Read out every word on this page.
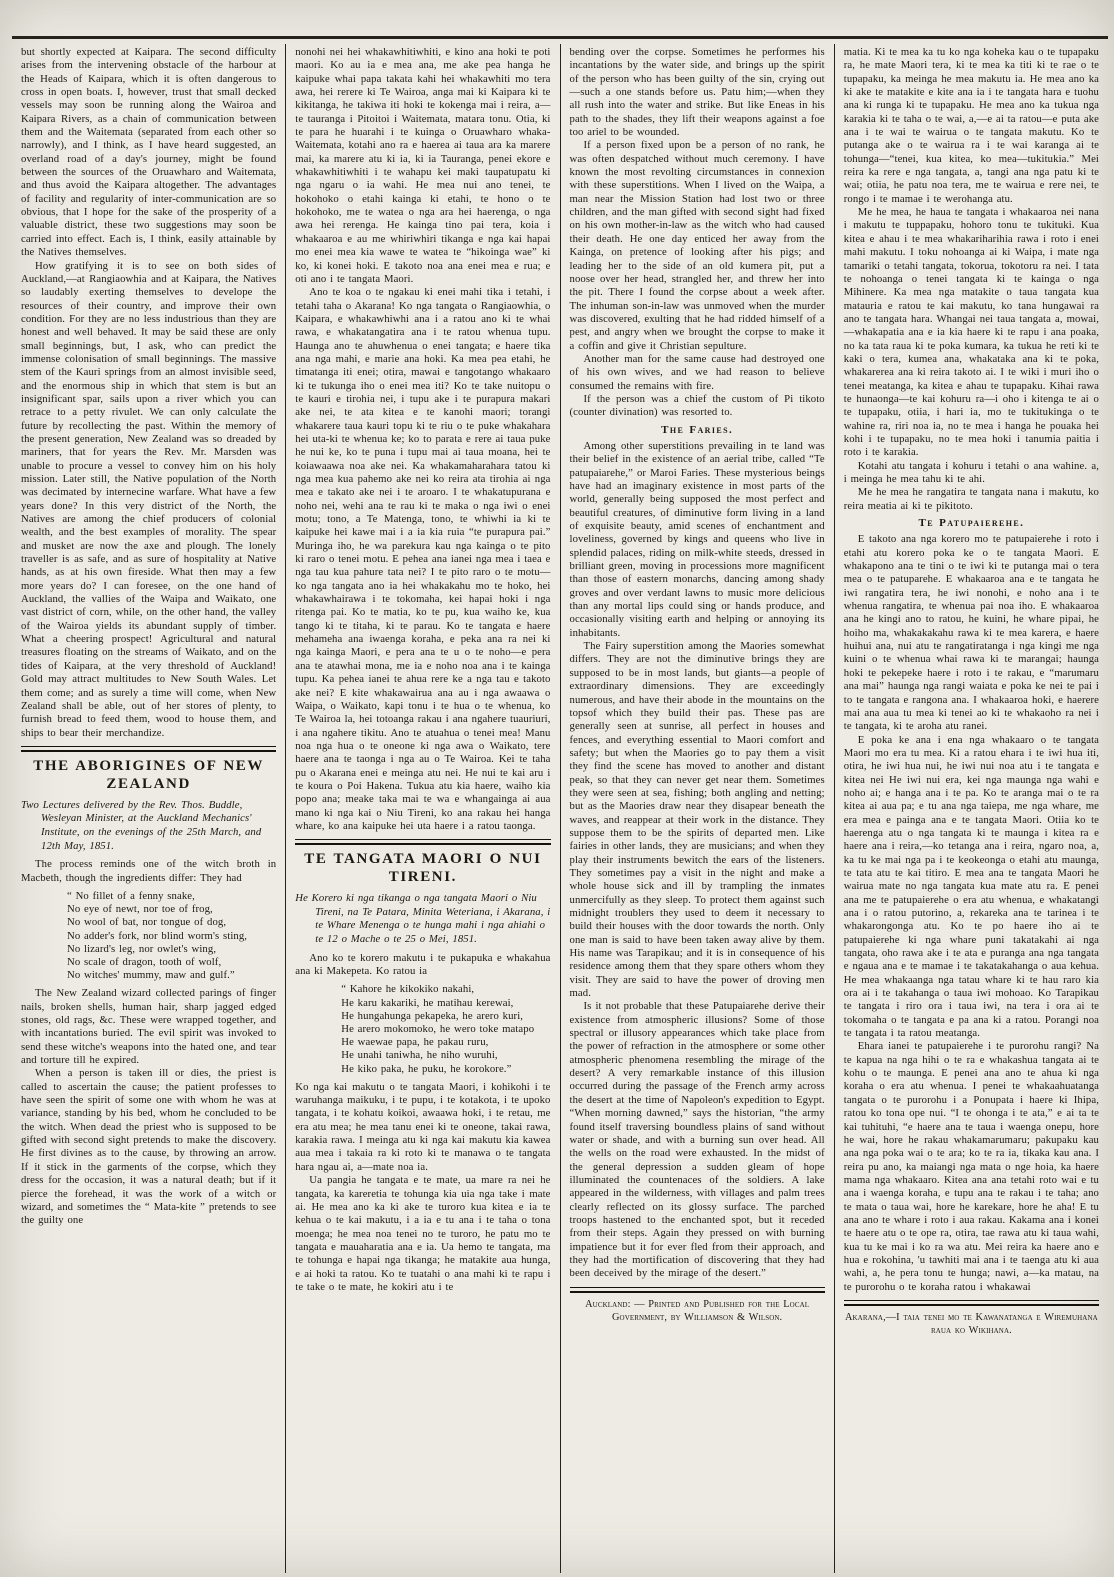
but shortly expected at Kaipara. The second difficulty arises from the intervening obstacle of the harbour at the Heads of Kaipara, which it is often dangerous to cross in open boats. I, however, trust that small decked vessels may soon be running along the Wairoa and Kaipara Rivers, as a chain of communication between them and the Waitemata (separated from each other so narrowly), and I think, as I have heard suggested, an overland road of a day's journey, might be found between the sources of the Oruawharo and Waitemata, and thus avoid the Kaipara altogether. The advantages of facility and regularity of inter-communication are so obvious, that I hope for the sake of the prosperity of a valuable district, these two suggestions may soon be carried into effect. Each is, I think, easily attainable by the Natives themselves.

How gratifying it is to see on both sides of Auckland,—at Rangiaowhia and at Kaipara, the Natives so laudably exerting themselves to develope the resources of their country, and improve their own condition. For they are no less industrious than they are honest and well behaved. It may be said these are only small beginnings, but, I ask, who can predict the immense colonisation of small beginnings. The massive stem of the Kauri springs from an almost invisible seed, and the enormous ship in which that stem is but an insignificant spar, sails upon a river which you can retrace to a petty rivulet. We can only calculate the future by recollecting the past. Within the memory of the present generation, New Zealand was so dreaded by mariners, that for years the Rev. Mr. Marsden was unable to procure a vessel to convey him on his holy mission. Later still, the Native population of the North was decimated by internecine warfare. What have a few years done? In this very district of the North, the Natives are among the chief producers of colonial wealth, and the best examples of morality. The spear and musket are now the axe and plough. The lonely traveller is as safe, and as sure of hospitality at Native hands, as at his own fireside. What then may a few more years do? I can foresee, on the one hand of Auckland, the vallies of the Waipa and Waikato, one vast district of corn, while, on the other hand, the valley of the Wairoa yields its abundant supply of timber. What a cheering prospect! Agricultural and natural treasures floating on the streams of Waikato, and on the tides of Kaipara, at the very threshold of Auckland! Gold may attract multitudes to New South Wales. Let them come; and as surely a time will come, when New Zealand shall be able, out of her stores of plenty, to furnish bread to feed them, wood to house them, and ships to bear their merchandize.

THE ABORIGINES OF NEW ZEALAND

Two Lectures delivered by the Rev. Thos. Buddle, Wesleyan Minister, at the Auckland Mechanics' Institute, on the evenings of the 25th March, and 12th May, 1851.

The process reminds one of the witch broth in Macbeth, though the ingredients differ: They had

“ No fillet of a fenny snake,
No eye of newt, nor toe of frog,
No wool of bat, nor tongue of dog,
No adder's fork, nor blind worm's sting,
No lizard's leg, nor owlet's wing,
No scale of dragon, tooth of wolf,
No witches' mummy, maw and gulf.”

The New Zealand wizard collected parings of finger nails, broken shells, human hair, sharp jagged edged stones, old rags, &c. These were wrapped together, and with incantations buried. The evil spirit was invoked to send these witche's weapons into the hated one, and tear and torture till he expired.

When a person is taken ill or dies, the priest is called to ascertain the cause; the patient professes to have seen the spirit of some one with whom he was at variance, standing by his bed, whom he concluded to be the witch. When dead the priest who is supposed to be gifted with second sight pretends to make the discovery. He first divines as to the cause, by throwing an arrow. If it stick in the garments of the corpse, which they dress for the occasion, it was a natural death; but if it pierce the forehead, it was the work of a witch or wizard, and sometimes the “ Mata-kite ” pretends to see the guilty one

nonohi nei hei whakawhitiwhiti, e kino ana hoki te poti maori. Ko au ia e mea ana, me ake pea hanga he kaipuke whai papa takata kahi hei whakawhiti mo tera awa, hei rerere ki Te Wairoa, anga mai ki Kaipara ki te kikitanga, he takiwa iti hoki te kokenga mai i reira, a—te tauranga i Pitoitoi i Waitemata, matara tonu. Otia, ki te para he huarahi i te kuinga o Oruawharo whaka-Waitemata, kotahi ano ra e haerea ai taua ara ka marere mai, ka marere atu ki ia, ki ia Tauranga, penei ekore e whakawhitiwhiti i te wahapu kei maki taupatupatu ki nga ngaru o ia wahi. He mea nui ano tenei, te hokohoko o etahi kainga ki etahi, te hono o te hokohoko, me te watea o nga ara hei haerenga, o nga awa hei rerenga. He kainga tino pai tera, koia i whakaaroa e au me whiriwhiri tikanga e nga kai hapai mo enei mea kia wawe te watea te “hikoinga wae” ki ko, ki konei hoki. E takoto noa ana enei mea e rua; e oti ano i te tangata Maori.

Ano te koa o te ngakau ki enei mahi tika i tetahi, i tetahi taha o Akarana! Ko nga tangata o Rangiaowhia, o Kaipara, e whakawhiwhi ana i a ratou ano ki te whai rawa, e whakatangatira ana i te ratou whenua tupu. Haunga ano te ahuwhenua o enei tangata; e haere tika ana nga mahi, e marie ana hoki. Ka mea pea etahi, he timatanga iti enei; otira, mawai e tangotango whakaaro ki te tukunga iho o enei mea iti? Ko te take nuitopu o te kauri e tirohia nei, i tupu ake i te purapura makari ake nei, te ata kitea e te kanohi maori; torangi whakarere taua kauri topu ki te riu o te puke whakahara hei uta-ki te whenua ke; ko to parata e rere ai taua puke he nui ke, ko te puna i tupu mai ai taua moana, hei te koiawaawa noa ake nei. Ka whakamaharahara tatou ki nga mea kua pahemo ake nei ko reira ata tirohia ai nga mea e takato ake nei i te aroaro. I te whakatupurana e noho nei, wehi ana te rau ki te maka o nga iwi o enei motu; tono, a Te Matenga, tono, te whiwhi ia ki te kaipuke hei kawe mai i a ia kia ruia “te purapura pai.” Muringa iho, he wa parekura kau nga kainga o te pito ki raro o tenei motu. E pehea ana ianei nga mea i taea e nga tau kua pahure tata nei? I te pito raro o te motu—ko nga tangata ano ia hei whakakahu mo te hoko, hei whakawhairawa i te tokomaha, kei hapai hoki i nga ritenga pai. Ko te matia, ko te pu, kua waiho ke, kua tango ki te titaha, ki te parau. Ko te tangata e haere mehameha ana iwaenga koraha, e peka ana ra nei ki nga kainga Maori, e pera ana te u o te noho—e pera ana te atawhai mona, me ia e noho noa ana i te kainga tupu. Ka pehea ianei te ahua rere ke a nga tau e takoto ake nei? E kite whakawairua ana au i nga awaawa o Waipa, o Waikato, kapi tonu i te hua o te whenua, ko Te Wairoa la, hei totoanga rakau i ana ngahere tuauriuri, i ana ngahere tikitu. Ano te atuahua o tenei mea! Manu noa nga hua o te oneone ki nga awa o Waikato, tere haere ana te taonga i nga au o Te Wairoa. Kei te taha pu o Akarana enei e meinga atu nei. He nui te kai aru i te koura o Poi Hakena. Tukua atu kia haere, waiho kia popo ana; meake taka mai te wa e whangainga ai aua mano ki nga kai o Niu Tireni, ko ana rakau hei hanga whare, ko ana kaipuke hei uta haere i a ratou taonga.

TE TANGATA MAORI O NUI TIRENI.

He Korero ki nga tikanga o nga tangata Maori o Niu Tireni, na Te Patara, Minita Weteriana, i Akarana, i te Whare Menenga o te hunga mahi i nga ahiahi o te 12 o Mache o te 25 o Mei, 1851.

Ano ko te korero makutu i te pukapuka e whakahua ana ki Makepeta. Ko ratou ia

“ Kahore he kikokiko nakahi,
He karu kakariki, he matihau kerewai,
He hungahunga pekapeka, he arero kuri,
He arero mokomoko, he wero toke matapo
He waewae papa, he pakau ruru,
He unahi taniwha, he niho wuruhi,
He kiko paka, he puku, he korokore.”

Ko nga kai makutu o te tangata Maori, i kohikohi i te waruhanga maikuku, i te pupu, i te kotakota, i te upoko tangata, i te kohatu koikoi, awaawa hoki, i te retau, me era atu mea; he mea tanu enei ki te oneone, takai rawa, karakia rawa. I meinga atu ki nga kai makutu kia kawea aua mea i takaia ra ki roto ki te manawa o te tangata hara ngau ai, a—mate noa ia.

Ua pangia he tangata e te mate, ua mare ra nei he tangata, ka kareretia te tohunga kia uia nga take i mate ai. He mea ano ka ki ake te turoro kua kitea e ia te kehua o te kai makutu, i a ia e tu ana i te taha o tona moenga; he mea noa tenei no te turoro, he patu mo te tangata e mauaharatia ana e ia. Ua hemo te tangata, ma te tohunga e hapai nga tikanga; he matakite aua hunga, e ai hoki ta ratou. Ko te tuatahi o ana mahi ki te rapu i te take o te mate, he kokiri atu i te

bending over the corpse. Sometimes he performes his incantations by the water side, and brings up the spirit of the person who has been guilty of the sin, crying out—such a one stands before us. Patu him;—when they all rush into the water and strike. But like Eneas in his path to the shades, they lift their weapons against a foe too ariel to be wounded.

If a person fixed upon be a person of no rank, he was often despatched without much ceremony. I have known the most revolting circumstances in connexion with these superstitions. When I lived on the Waipa, a man near the Mission Station had lost two or three children, and the man gifted with second sight had fixed on his own mother-in-law as the witch who had caused their death. He one day enticed her away from the Kainga, on pretence of looking after his pigs; and leading her to the side of an old kumera pit, put a noose over her head, strangled her, and threw her into the pit. There I found the corpse about a week after. The inhuman son-in-law was unmoved when the murder was discovered, exulting that he had ridded himself of a pest, and angry when we brought the corpse to make it a coffin and give it Christian sepulture.

Another man for the same cause had destroyed one of his own wives, and we had reason to believe consumed the remains with fire.

If the person was a chief the custom of Pi tikoto (counter divination) was resorted to.

The Faries.

Among other superstitions prevailing in te land was their belief in the existence of an aerial tribe, called “Te patupaiarehe,” or Maroi Faries. These mysterious beings have had an imaginary existence in most parts of the world, generally being supposed the most perfect and beautiful creatures, of diminutive form living in a land of exquisite beauty, amid scenes of enchantment and loveliness, governed by kings and queens who live in splendid palaces, riding on milk-white steeds, dressed in brilliant green, moving in processions more magnificent than those of eastern monarchs, dancing among shady groves and over verdant lawns to music more delicious than any mortal lips could sing or hands produce, and occasionally visiting earth and helping or annoying its inhabitants.

The Fairy superstition among the Maories somewhat differs. They are not the diminutive brings they are supposed to be in most lands, but giants—a people of extraordinary dimensions. They are exceedingly numerous, and have their abode in the mountains on the topsof which they build their pas. These pas are generally seen at sunrise, all perfect in houses and fences, and everything essential to Maori comfort and safety; but when the Maories go to pay them a visit they find the scene has moved to another and distant peak, so that they can never get near them. Sometimes they were seen at sea, fishing; both angling and netting; but as the Maories draw near they disapear beneath the waves, and reappear at their work in the distance. They suppose them to be the spirits of departed men. Like fairies in other lands, they are musicians; and when they play their instruments bewitch the ears of the listeners. They sometimes pay a visit in the night and make a whole house sick and ill by trampling the inmates unmercifully as they sleep. To protect them against such midnight troublers they used to deem it necessary to build their houses with the door towards the north. Only one man is said to have been taken away alive by them. His name was Tarapikau; and it is in consequence of his residence among them that they spare others whom they visit. They are said to have the power of droving men mad.

Is it not probable that these Patupaiarehe derive their existence from atmospheric illusions? Some of those spectral or illusory appearances which take place from the power of refraction in the atmosphere or some other atmospheric phenomena resembling the mirage of the desert? A very remarkable instance of this illusion occurred during the passage of the French army across the desert at the time of Napoleon's expedition to Egypt. “When morning dawned,” says the historian, “the army found itself traversing boundless plains of sand without water or shade, and with a burning sun over head. All the wells on the road were exhausted. In the midst of the general depression a sudden gleam of hope illuminated the countenaces of the soldiers. A lake appeared in the wilderness, with villages and palm trees clearly reflected on its glossy surface. The parched troops hastened to the enchanted spot, but it receded from their steps. Again they pressed on with burning impatience but it for ever fled from their approach, and they had the mortification of discovering that they had been deceived by the mirage of the desert.”

Auckland: — Printed and Published for the Local Government, by Williamson & Wilson.

matia. Ki te mea ka tu ko nga koheka kau o te tupapaku ra, he mate Maori tera, ki te mea ka titi ki te rae o te tupapaku, ka meinga he mea makutu ia. He mea ano ka ki ake te matakite e kite ana ia i te tangata hara e tuohu ana ki runga ki te tupapaku. He mea ano ka tukua nga karakia ki te taha o te wai, a,—e ai ta ratou—e puta ake ana i te wai te wairua o te tangata makutu. Ko te putanga ake o te wairua ra i te wai karanga ai te tohunga—“tenei, kua kitea, ko mea—tukitukia.” Mei reira ka rere e nga tangata, a, tangi ana nga patu ki te wai; otiia, he patu noa tera, me te wairua e rere nei, te rongo i te mamae i te werohanga atu.

Me he mea, he haua te tangata i whakaaroa nei nana i makutu te tuppapaku, hohoro tonu te tukituki. Kua kitea e ahau i te mea whakariharihia rawa i roto i enei mahi makutu. I toku nohoanga ai ki Waipa, i mate nga tamariki o tetahi tangata, tokorua, tokotoru ra nei. I tata te nohoanga o tenei tangata ki te kainga o nga Mihinere. Ka mea nga matakite o taua tangata kua matauria e ratou te kai makutu, ko tana hungawai ra ano te tangata hara. Whangai nei taua tangata a, mowai,—whakapatia ana e ia kia haere ki te rapu i ana poaka, no ka tata raua ki te poka kumara, ka tukua he reti ki te kaki o tera, kumea ana, whakataka ana ki te poka, whakarerea ana ki reira takoto ai. I te wiki i muri iho o tenei meatanga, ka kitea e ahau te tupapaku. Kihai rawa te hunaonga—te kai kohuru ra—i oho i kitenga te ai o te tupapaku, otiia, i hari ia, mo te tukitukinga o te wahine ra, riri noa ia, no te mea i hanga he pouaka hei kohi i te tupapaku, no te mea hoki i tanumia paitia i roto i te karakia.

Kotahi atu tangata i kohuru i tetahi o ana wahine. a, i meinga he mea tahu ki te ahi.

Me he mea he rangatira te tangata nana i makutu, ko reira meatia ai ki te pikitoto.

Te Patupaierehe.

E takoto ana nga korero mo te patupaierehe i roto i etahi atu korero poka ke o te tangata Maori. E whakapono ana te tini o te iwi ki te putanga mai o tera mea o te patuparehe. E whakaaroa ana e te tangata he iwi rangatira tera, he iwi nonohi, e noho ana i te whenua rangatira, te whenua pai noa iho. E whakaaroa ana he kingi ano to ratou, he kuini, he whare pipai, he hoiho ma, whakakakahu rawa ki te mea karera, e haere huihui ana, nui atu te rangatiratanga i nga kingi me nga kuini o te whenua whai rawa ki te marangai; haunga hoki te pekepeke haere i roto i te rakau, e “marumaru ana mai” haunga nga rangi waiata e poka ke nei te pai i to te tangata e rangona ana. I whakaaroa hoki, e haerere mai ana aua tu mea ki tenei ao ki te whakaoho ra nei i te tangata, ki te aroha atu ranei.

E poka ke ana i ena nga whakaaro o te tangata Maori mo era tu mea. Ki a ratou ehara i te iwi hua iti, otira, he iwi hua nui, he iwi nui noa atu i te tangata e kitea nei He iwi nui era, kei nga maunga nga wahi e noho ai; e hanga ana i te pa. Ko te aranga mai o te ra kitea ai aua pa; e tu ana nga taiepa, me nga whare, me era mea e painga ana e te tangata Maori. Otiia ko te haerenga atu o nga tangata ki te maunga i kitea ra e haere ana i reira,—ko tetanga ana i reira, ngaro noa, a, ka tu ke mai nga pa i te keokeonga o etahi atu maunga, te tata atu te kai titiro. E mea ana te tangata Maori he wairua mate no nga tangata kua mate atu ra. E penei ana me te patupaierehe o era atu whenua, e whakatangi ana i o ratou putorino, a, rekareka ana te tarinea i te whakarongonga atu. Ko te po haere iho ai te patupaierehe ki nga whare puni takatakahi ai nga tangata, oho rawa ake i te ata e puranga ana nga tangata e ngaua ana e te mamae i te takatakahanga o aua kehua. He mea whakaanga nga tatau whare ki te hau raro kia ora ai i te takahanga o taua iwi mohoao. Ko Tarapikau te tangata i riro ora i taua iwi, na tera i ora ai te tokomaha o te tangata e pa ana ki a ratou. Porangi noa te tangata i ta ratou meatanga.

Ehara ianei te patupaierehe i te purorohu rangi? Na te kapua na nga hihi o te ra e whakashua tangata ai te kohu o te maunga. E penei ana ano te ahua ki nga koraha o era atu whenua. I penei te whakaahuatanga tangata o te purorohu i a Ponupata i haere ki Ihipa, ratou ko tona ope nui. “I te ohonga i te ata,” e ai ta te kai tuhituhi, “e haere ana te taua i waenga onepu, hore he wai, hore he rakau whakamarumaru; pakupaku kau ana nga poka wai o te ara; ko te ra ia, tikaka kau ana. I reira pu ano, ka maiangi nga mata o nge hoia, ka haere mama nga whakaaro. Kitea ana ana tetahi roto wai e tu ana i waenga koraha, e tupu ana te rakau i te taha; ano te mata o taua wai, hore he karekare, hore he aha! E tu ana ano te whare i roto i aua rakau. Kakama ana i konei te haere atu o te ope ra, otira, tae rawa atu ki taua wahi, kua tu ke mai i ko ra wa atu. Mei reira ka haere ano e hua e rokohina, 'u tawhiti mai ana i te taenga atu ki aua wahi, a, he pera tonu te hunga; nawi, a—ka matau, na te purorohu o te koraha ratou i whakawai

Akarana,—I taia tenei mo te Kawanatanga e Wiremuhana raua ko Wikihana.
